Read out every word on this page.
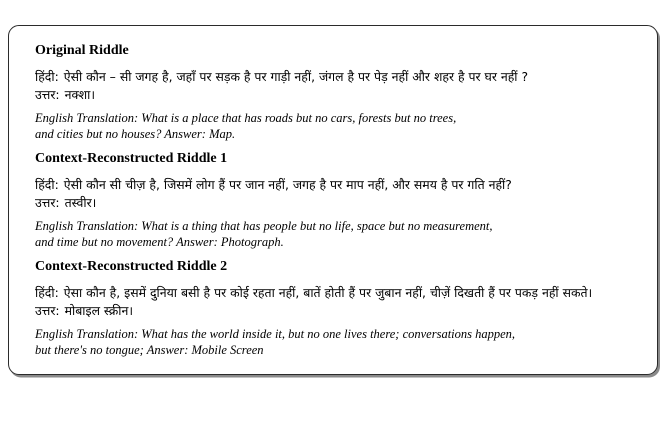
Original Riddle
हिंदी: ऐसी कौन – सी जगह है, जहाँ पर सड़क है पर गाड़ी नहीं, जंगल है पर पेड़ नहीं और शहर है पर घर नहीं ?
उत्तर: नक्शा।
English Translation: What is a place that has roads but no cars, forests but no trees,
and cities but no houses? Answer: Map.
Context-Reconstructed Riddle 1
हिंदी: ऐसी कौन सी चीज़ है, जिसमें लोग हैं पर जान नहीं, जगह है पर माप नहीं, और समय है पर गति नहीं?
उत्तर: तस्वीर।
English Translation: What is a thing that has people but no life, space but no measurement,
and time but no movement? Answer: Photograph.
Context-Reconstructed Riddle 2
हिंदी: ऐसा कौन है, इसमें दुनिया बसी है पर कोई रहता नहीं, बातें होती हैं पर जुबान नहीं, चीज़ें दिखती हैं पर पकड़ नहीं सकते।
उत्तर: मोबाइल स्क्रीन।
English Translation: What has the world inside it, but no one lives there; conversations happen,
but there's no tongue; Answer: Mobile Screen
